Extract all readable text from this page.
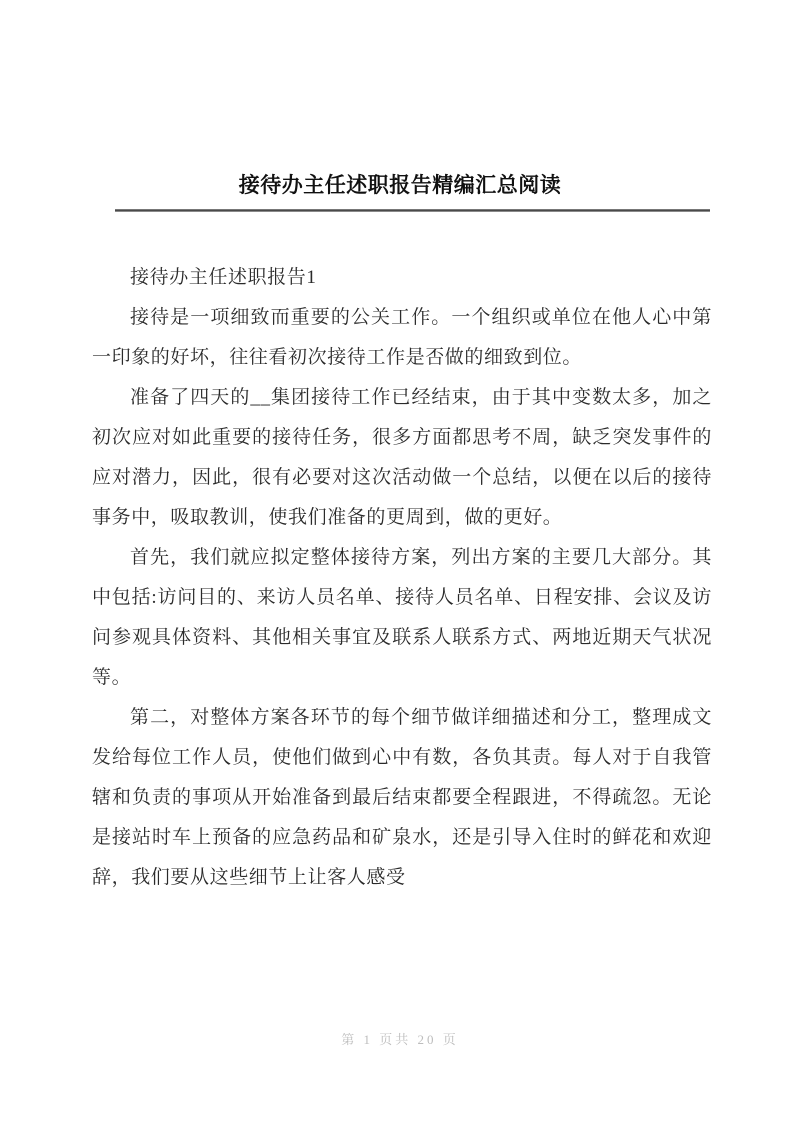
接待办主任述职报告精编汇总阅读

接待办主任述职报告1

接待是一项细致而重要的公关工作。一个组织或单位在他人心中第一印象的好坏，往往看初次接待工作是否做的细致到位。

准备了四天的__集团接待工作已经结束，由于其中变数太多，加之初次应对如此重要的接待任务，很多方面都思考不周，缺乏突发事件的应对潜力，因此，很有必要对这次活动做一个总结，以便在以后的接待事务中，吸取教训，使我们准备的更周到，做的更好。

首先，我们就应拟定整体接待方案，列出方案的主要几大部分。其中包括:访问目的、来访人员名单、接待人员名单、日程安排、会议及访问参观具体资料、其他相关事宜及联系人联系方式、两地近期天气状况等。

第二，对整体方案各环节的每个细节做详细描述和分工，整理成文发给每位工作人员，使他们做到心中有数，各负其责。每人对于自我管辖和负责的事项从开始准备到最后结束都要全程跟进，不得疏忽。无论是接站时车上预备的应急药品和矿泉水，还是引导入住时的鲜花和欢迎辞，我们要从这些细节上让客人感受

第 1 页共 20 页
